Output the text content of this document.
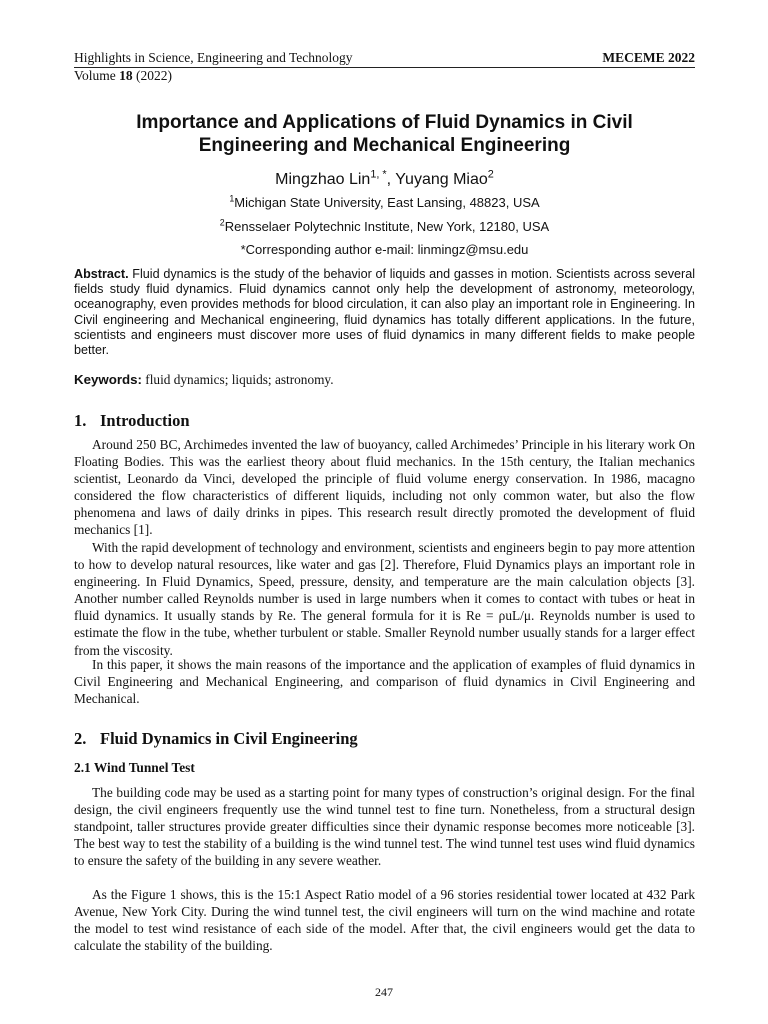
Highlights in Science, Engineering and Technology	MECEME 2022
Volume 18 (2022)
Importance and Applications of Fluid Dynamics in Civil
Engineering and Mechanical Engineering
Mingzhao Lin$^{1, *}$, Yuyang Miao$^2$
$^1$Michigan State University, East Lansing, 48823, USA
$^2$Rensselaer Polytechnic Institute, New York, 12180, USA
*Corresponding author e-mail: linmingz@msu.edu
Abstract. Fluid dynamics is the study of the behavior of liquids and gasses in motion. Scientists across several fields study fluid dynamics. Fluid dynamics cannot only help the development of astronomy, meteorology, oceanography, even provides methods for blood circulation, it can also play an important role in Engineering. In Civil engineering and Mechanical engineering, fluid dynamics has totally different applications. In the future, scientists and engineers must discover more uses of fluid dynamics in many different fields to make people better.
Keywords: fluid dynamics; liquids; astronomy.
1. Introduction

Around 250 BC, Archimedes invented the law of buoyancy, called Archimedes’ Principle in his literary work On Floating Bodies. This was the earliest theory about fluid mechanics. In the 15th century, the Italian mechanics scientist, Leonardo da Vinci, developed the principle of fluid volume energy conservation. In 1986, macagno considered the flow characteristics of different liquids, including not only common water, but also the flow phenomena and laws of daily drinks in pipes. This research result directly promoted the development of fluid mechanics [1].

With the rapid development of technology and environment, scientists and engineers begin to pay more attention to how to develop natural resources, like water and gas [2]. Therefore, Fluid Dynamics plays an important role in engineering. In Fluid Dynamics, Speed, pressure, density, and temperature are the main calculation objects [3]. Another number called Reynolds number is used in large numbers when it comes to contact with tubes or heat in fluid dynamics. It usually stands by Re. The general formula for it is Re = ρuL/μ. Reynolds number is used to estimate the flow in the tube, whether turbulent or stable. Smaller Reynold number usually stands for a larger effect from the viscosity.

In this paper, it shows the main reasons of the importance and the application of examples of fluid dynamics in Civil Engineering and Mechanical Engineering, and comparison of fluid dynamics in Civil Engineering and Mechanical.

2. Fluid Dynamics in Civil Engineering
2.1 Wind Tunnel Test

The building code may be used as a starting point for many types of construction’s original design. For the final design, the civil engineers frequently use the wind tunnel test to fine turn. Nonetheless, from a structural design standpoint, taller structures provide greater difficulties since their dynamic response becomes more noticeable [3]. The best way to test the stability of a building is the wind tunnel test. The wind tunnel test uses wind fluid dynamics to ensure the safety of the building in any severe weather.

As the Figure 1 shows, this is the 15:1 Aspect Ratio model of a 96 stories residential tower located at 432 Park Avenue, New York City. During the wind tunnel test, the civil engineers will turn on the wind machine and rotate the model to test wind resistance of each side of the model. After that, the civil engineers would get the data to calculate the stability of the building.

247
